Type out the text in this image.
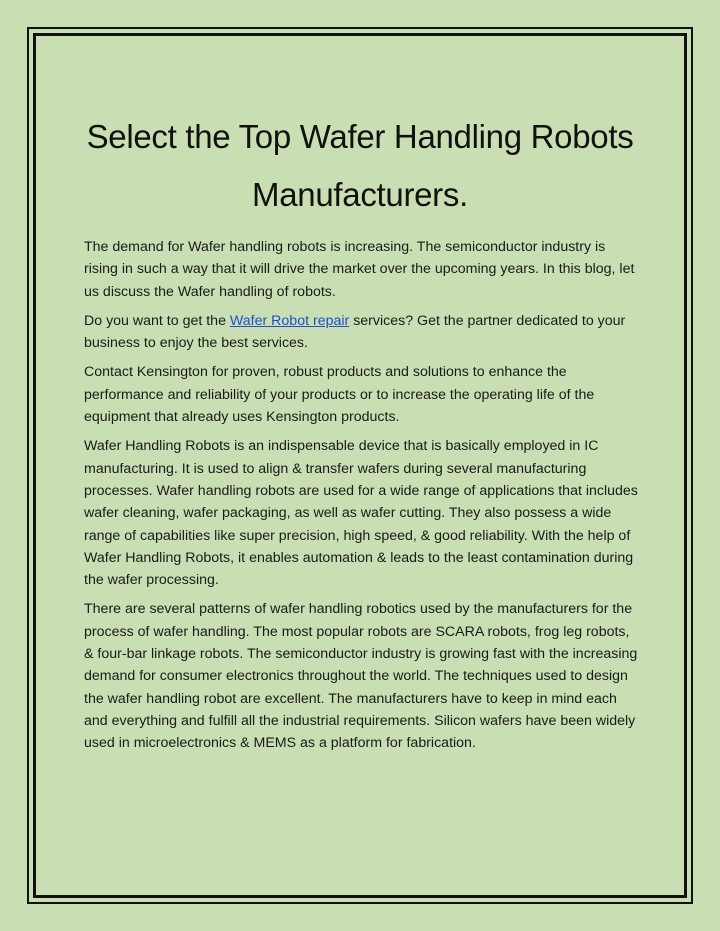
Select the Top Wafer Handling Robots Manufacturers.

The demand for Wafer handling robots is increasing. The semiconductor industry is rising in such a way that it will drive the market over the upcoming years. In this blog, let us discuss the Wafer handling of robots.

Do you want to get the Wafer Robot repair services? Get the partner dedicated to your business to enjoy the best services.

Contact Kensington for proven, robust products and solutions to enhance the performance and reliability of your products or to increase the operating life of the equipment that already uses Kensington products.

Wafer Handling Robots is an indispensable device that is basically employed in IC manufacturing. It is used to align & transfer wafers during several manufacturing processes. Wafer handling robots are used for a wide range of applications that includes wafer cleaning, wafer packaging, as well as wafer cutting. They also possess a wide range of capabilities like super precision, high speed, & good reliability. With the help of Wafer Handling Robots, it enables automation & leads to the least contamination during the wafer processing.

There are several patterns of wafer handling robotics used by the manufacturers for the process of wafer handling. The most popular robots are SCARA robots, frog leg robots, & four-bar linkage robots. The semiconductor industry is growing fast with the increasing demand for consumer electronics throughout the world. The techniques used to design the wafer handling robot are excellent. The manufacturers have to keep in mind each and everything and fulfill all the industrial requirements. Silicon wafers have been widely used in microelectronics & MEMS as a platform for fabrication.
